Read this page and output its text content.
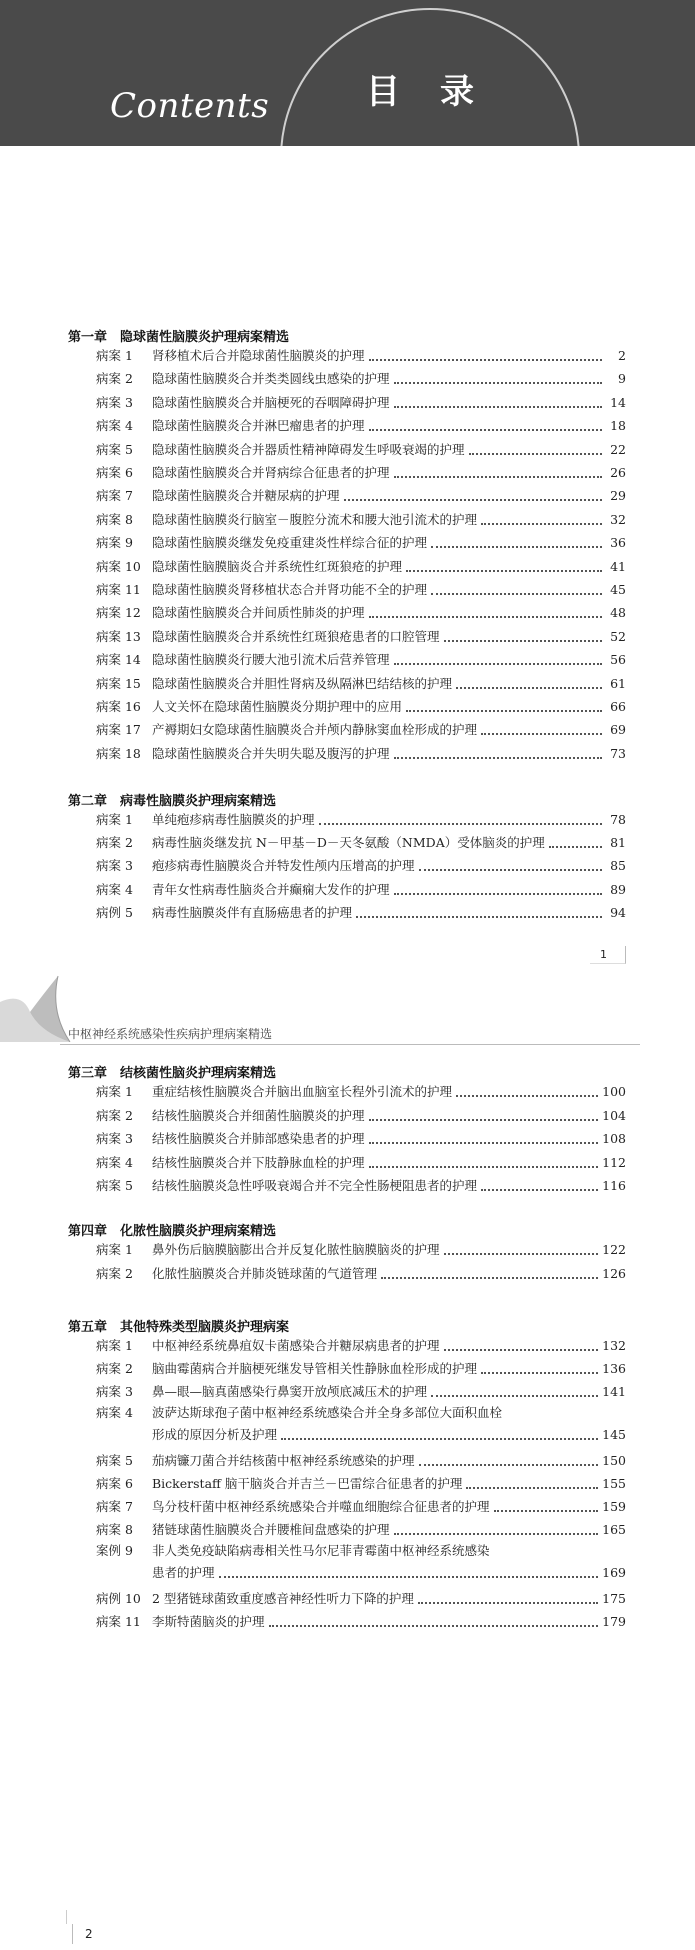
Contents	目录
第一章　隐球菌性脑膜炎护理病案精选
病案 1	肾移植术后合并隐球菌性脑膜炎的护理	2
病案 2	隐球菌性脑膜炎合并类类圆线虫感染的护理	9
病案 3	隐球菌性脑膜炎合并脑梗死的吞咽障碍护理	14
病案 4	隐球菌性脑膜炎合并淋巴瘤患者的护理	18
病案 5	隐球菌性脑膜炎合并器质性精神障碍发生呼吸衰竭的护理	22
病案 6	隐球菌性脑膜炎合并肾病综合征患者的护理	26
病案 7	隐球菌性脑膜炎合并糖尿病的护理	29
病案 8	隐球菌性脑膜炎行脑室－腹腔分流术和腰大池引流术的护理	32
病案 9	隐球菌性脑膜炎继发免疫重建炎性样综合征的护理	36
病案 10 隐球菌性脑膜脑炎合并系统性红斑狼疮的护理	41
病案 11 隐球菌性脑膜炎肾移植状态合并肾功能不全的护理	45
病案 12 隐球菌性脑膜炎合并间质性肺炎的护理	48
病案 13 隐球菌性脑膜炎合并系统性红斑狼疮患者的口腔管理	52
病案 14 隐球菌性脑膜炎行腰大池引流术后营养管理	56
病案 15 隐球菌性脑膜炎合并胆性肾病及纵隔淋巴结结核的护理	61
病案 16 人文关怀在隐球菌性脑膜炎分期护理中的应用	66
病案 17 产褥期妇女隐球菌性脑膜炎合并颅内静脉窦血栓形成的护理	69
病案 18 隐球菌性脑膜炎合并失明失聪及腹泻的护理	73
第二章　病毒性脑膜炎护理病案精选
病案 1	单纯疱疹病毒性脑膜炎的护理	78
病案 2	病毒性脑炎继发抗 N－甲基－D－天冬氨酸（NMDA）受体脑炎的护理	81
病案 3	疱疹病毒性脑膜炎合并特发性颅内压增高的护理	85
病案 4	青年女性病毒性脑炎合并癫痫大发作的护理	89
病例 5	病毒性脑膜炎伴有直肠癌患者的护理	94
第三章　结核菌性脑炎护理病案精选
病案 1	重症结核性脑膜炎合并脑出血脑室长程外引流术的护理	100
病案 2	结核性脑膜炎合并细菌性脑膜炎的护理	104
病案 3	结核性脑膜炎合并肺部感染患者的护理	108
病案 4	结核性脑膜炎合并下肢静脉血栓的护理	112
病案 5	结核性脑膜炎急性呼吸衰竭合并不完全性肠梗阻患者的护理	116
第四章　化脓性脑膜炎护理病案精选
病案 1	鼻外伤后脑膜脑膨出合并反复化脓性脑膜脑炎的护理	122
病案 2	化脓性脑膜炎合并肺炎链球菌的气道管理	126
第五章　其他特殊类型脑膜炎护理病案
病案 1	中枢神经系统鼻疽奴卡菌感染合并糖尿病患者的护理	132
病案 2	脑曲霉菌病合并脑梗死继发导管相关性静脉血栓形成的护理	136
病案 3	鼻—眼—脑真菌感染行鼻窦开放颅底减压术的护理	141
病案 4	波萨达斯球孢子菌中枢神经系统感染合并全身多部位大面积血栓
形成的原因分析及护理	145
病案 5	茄病镰刀菌合并结核菌中枢神经系统感染的护理	150
病案 6	Bickerstaff 脑干脑炎合并吉兰－巴雷综合征患者的护理	155
病案 7	鸟分枝杆菌中枢神经系统感染合并噬血细胞综合征患者的护理	159
病案 8	猪链球菌性脑膜炎合并腰椎间盘感染的护理	165
案例 9	非人类免疫缺陷病毒相关性马尔尼菲青霉菌中枢神经系统感染
患者的护理	169
病例 10 2 型猪链球菌致重度感音神经性听力下降的护理	175
病案 11 李斯特菌脑炎的护理	179
1
中枢神经系统感染性疾病护理病案精选
2
